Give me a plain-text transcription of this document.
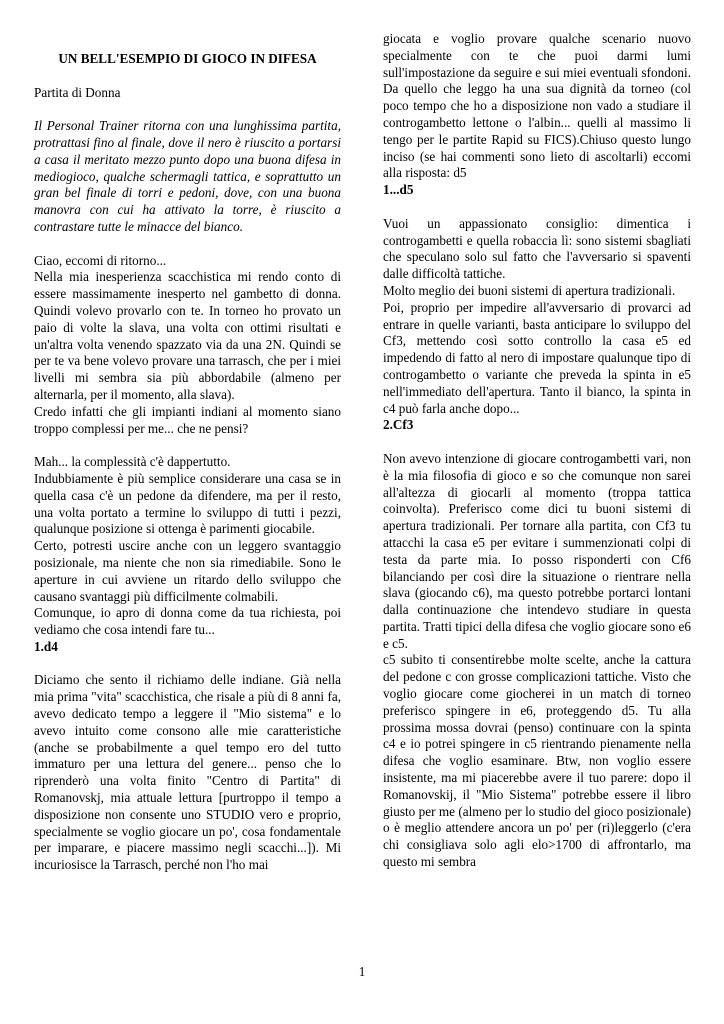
UN BELL'ESEMPIO DI GIOCO IN DIFESA

Partita di Donna

Il Personal Trainer ritorna con una lunghissima partita, protrattasi fino al finale, dove il nero è riuscito a portarsi a casa il meritato mezzo punto dopo una buona difesa in mediogioco, qualche schermagli tattica, e soprattutto un gran bel finale di torri e pedoni, dove, con una buona manovra con cui ha attivato la torre, è riuscito a contrastare tutte le minacce del bianco.

Ciao, eccomi di ritorno...

Nella mia inesperienza scacchistica mi rendo conto di essere massimamente inesperto nel gambetto di donna. Quindi volevo provarlo con te. In torneo ho provato un paio di volte la slava, una volta con ottimi risultati e un'altra volta venendo spazzato via da una 2N. Quindi se per te va bene volevo provare una tarrasch, che per i miei livelli mi sembra sia più abbordabile (almeno per alternarla, per il momento, alla slava).

Credo infatti che gli impianti indiani al momento siano troppo complessi per me... che ne pensi?

Mah... la complessità c'è dappertutto.

Indubbiamente è più semplice considerare una casa se in quella casa c'è un pedone da difendere, ma per il resto, una volta portato a termine lo sviluppo di tutti i pezzi, qualunque posizione si ottenga è parimenti giocabile.

Certo, potresti uscire anche con un leggero svantaggio posizionale, ma niente che non sia rimediabile. Sono le aperture in cui avviene un ritardo dello sviluppo che causano svantaggi più difficilmente colmabili.

Comunque, io apro di donna come da tua richiesta, poi vediamo che cosa intendi fare tu...

1.d4

Diciamo che sento il richiamo delle indiane. Già nella mia prima "vita" scacchistica, che risale a più di 8 anni fa, avevo dedicato tempo a leggere il "Mio sistema" e lo avevo intuito come consono alle mie caratteristiche (anche se probabilmente a quel tempo ero del tutto immaturo per una lettura del genere... penso che lo riprenderò una volta finito "Centro di Partita" di Romanovskj, mia attuale lettura [purtroppo il tempo a disposizione non consente uno STUDIO vero e proprio, specialmente se voglio giocare un po', cosa fondamentale per imparare, e piacere massimo negli scacchi...]). Mi incuriosisce la Tarrasch, perché non l'ho mai

giocata e voglio provare qualche scenario nuovo specialmente con te che puoi darmi lumi sull'impostazione da seguire e sui miei eventuali sfondoni. Da quello che leggo ha una sua dignità da torneo (col poco tempo che ho a disposizione non vado a studiare il controgambetto lettone o l'albin... quelli al massimo li tengo per le partite Rapid su FICS).Chiuso questo lungo inciso (se hai commenti sono lieto di ascoltarli) eccomi alla risposta: d5

1...d5

Vuoi un appassionato consiglio: dimentica i controgambetti e quella robaccia lì: sono sistemi sbagliati che speculano solo sul fatto che l'avversario si spaventi dalle difficoltà tattiche.

Molto meglio dei buoni sistemi di apertura tradizionali.

Poi, proprio per impedire all'avversario di provarci ad entrare in quelle varianti, basta anticipare lo sviluppo del Cf3, mettendo così sotto controllo la casa e5 ed impedendo di fatto al nero di impostare qualunque tipo di controgambetto o variante che preveda la spinta in e5 nell'immediato dell'apertura. Tanto il bianco, la spinta in c4 può farla anche dopo...

2.Cf3

Non avevo intenzione di giocare controgambetti vari, non è la mia filosofia di gioco e so che comunque non sarei all'altezza di giocarli al momento (troppa tattica coinvolta). Preferisco come dici tu buoni sistemi di apertura tradizionali. Per tornare alla partita, con Cf3 tu attacchi la casa e5 per evitare i summenzionati colpi di testa da parte mia. Io posso risponderti con Cf6 bilanciando per così dire la situazione o rientrare nella slava (giocando c6), ma questo potrebbe portarci lontani dalla continuazione che intendevo studiare in questa partita. Tratti tipici della difesa che voglio giocare sono e6 e c5.

c5 subito ti consentirebbe molte scelte, anche la cattura del pedone c con grosse complicazioni tattiche. Visto che voglio giocare come giocherei in un match di torneo preferisco spingere in e6, proteggendo d5. Tu alla prossima mossa dovrai (penso) continuare con la spinta c4 e io potrei spingere in c5 rientrando pienamente nella difesa che voglio esaminare. Btw, non voglio essere insistente, ma mi piacerebbe avere il tuo parere: dopo il Romanovskij, il "Mio Sistema" potrebbe essere il libro giusto per me (almeno per lo studio del gioco posizionale) o è meglio attendere ancora un po' per (ri)leggerlo (c'era chi consigliava solo agli elo>1700 di affrontarlo, ma questo mi sembra

1
